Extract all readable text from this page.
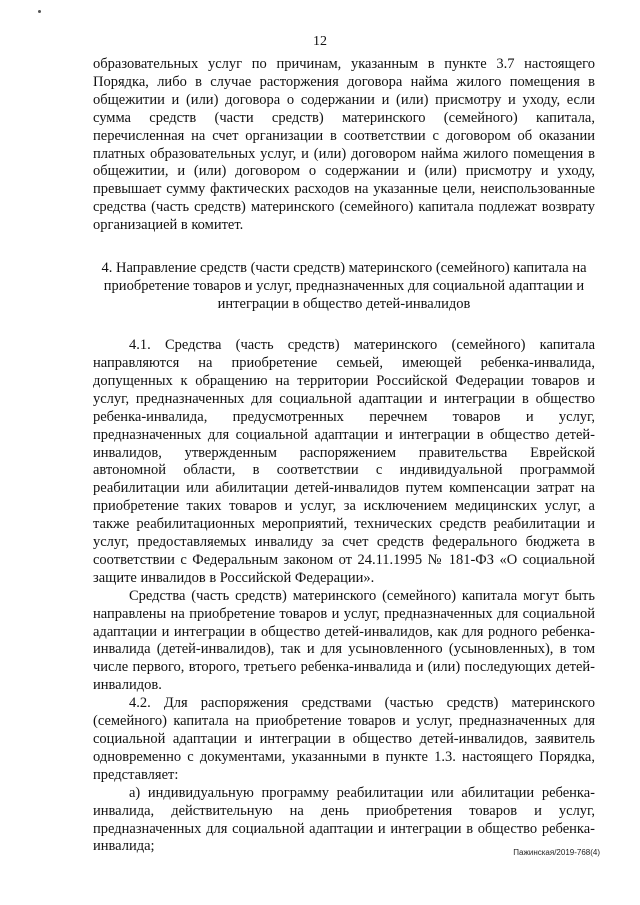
12

образовательных услуг по причинам, указанным в пункте 3.7 настоящего Порядка, либо в случае расторжения договора найма жилого помещения в общежитии и (или) договора о содержании и (или) присмотру и уходу, если сумма средств (части средств) материнского (семейного) капитала, перечисленная на счет организации в соответствии с договором об оказании платных образовательных услуг, и (или) договором найма жилого помещения в общежитии, и (или) договором о содержании и (или) присмотру и уходу, превышает сумму фактических расходов на указанные цели, неиспользованные средства (часть средств) материнского (семейного) капитала подлежат возврату организацией в комитет.

4. Направление средств (части средств) материнского (семейного) капитала на приобретение товаров и услуг, предназначенных для социальной адаптации и интеграции в общество детей-инвалидов

4.1. Средства (часть средств) материнского (семейного) капитала направляются на приобретение семьей, имеющей ребенка-инвалида, допущенных к обращению на территории Российской Федерации товаров и услуг, предназначенных для социальной адаптации и интеграции в общество ребенка-инвалида, предусмотренных перечнем товаров и услуг, предназначенных для социальной адаптации и интеграции в общество детей-инвалидов, утвержденным распоряжением правительства Еврейской автономной области, в соответствии с индивидуальной программой реабилитации или абилитации детей-инвалидов путем компенсации затрат на приобретение таких товаров и услуг, за исключением медицинских услуг, а также реабилитационных мероприятий, технических средств реабилитации и услуг, предоставляемых инвалиду за счет средств федерального бюджета в соответствии с Федеральным законом от 24.11.1995 № 181-ФЗ «О социальной защите инвалидов в Российской Федерации».

Средства (часть средств) материнского (семейного) капитала могут быть направлены на приобретение товаров и услуг, предназначенных для социальной адаптации и интеграции в общество детей-инвалидов, как для родного ребенка-инвалида (детей-инвалидов), так и для усыновленного (усыновленных), в том числе первого, второго, третьего ребенка-инвалида и (или) последующих детей-инвалидов.

4.2. Для распоряжения средствами (частью средств) материнского (семейного) капитала на приобретение товаров и услуг, предназначенных для социальной адаптации и интеграции в общество детей-инвалидов, заявитель одновременно с документами, указанными в пункте 1.3. настоящего Порядка, представляет:

а) индивидуальную программу реабилитации или абилитации ребенка-инвалида, действительную на день приобретения товаров и услуг, предназначенных для социальной адаптации и интеграции в общество ребенка-инвалида;	Пажинская/2019-768(4)
